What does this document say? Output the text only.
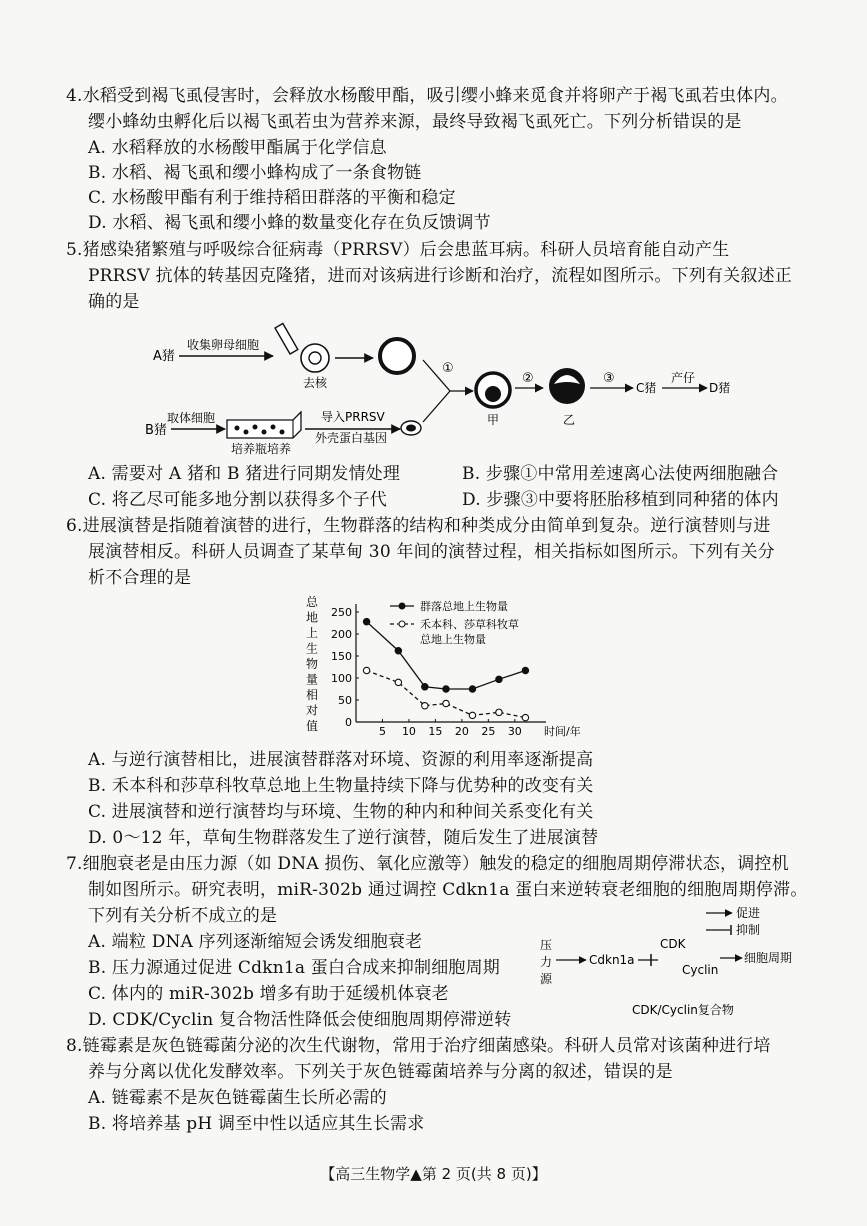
4.水稻受到褐飞虱侵害时，会释放水杨酸甲酯，吸引缨小蜂来觅食并将卵产于褐飞虱若虫体内。
缨小蜂幼虫孵化后以褐飞虱若虫为营养来源，最终导致褐飞虱死亡。下列分析错误的是
A. 水稻释放的水杨酸甲酯属于化学信息
B. 水稻、褐飞虱和缨小蜂构成了一条食物链
C. 水杨酸甲酯有利于维持稻田群落的平衡和稳定
D. 水稻、褐飞虱和缨小蜂的数量变化存在负反馈调节
5.猪感染猪繁殖与呼吸综合征病毒（PRRSV）后会患蓝耳病。科研人员培育能自动产生
PRRSV 抗体的转基因克隆猪，进而对该病进行诊断和治疗，流程如图所示。下列有关叙述正
确的是
A猪
收集卵母细胞
去核
①
甲
②
乙
③
C猪
产仔
D猪
B猪
取体细胞
培养瓶培养
导入PRRSV
外壳蛋白基因
A. 需要对 A 猪和 B 猪进行同期发情处理	B. 步骤①中常用差速离心法使两细胞融合
C. 将乙尽可能多地分割以获得多个子代	D. 步骤③中要将胚胎移植到同种猪的体内
6.进展演替是指随着演替的进行，生物群落的结构和种类成分由简单到复杂。逆行演替则与进
展演替相反。科研人员调查了某草甸 30 年间的演替过程，相关指标如图所示。下列有关分
析不合理的是
总
地
上
生
物
量
相
对
值 0
50
100
150
200
250
5 10 15 20 25 30 时间/年
群落总地上生物量
禾本科、莎草科牧草
总地上生物量
A. 与逆行演替相比，进展演替群落对环境、资源的利用率逐渐提高
B. 禾本科和莎草科牧草总地上生物量持续下降与优势种的改变有关
C. 进展演替和逆行演替均与环境、生物的种内和种间关系变化有关
D. 0～12 年，草甸生物群落发生了逆行演替，随后发生了进展演替
7.细胞衰老是由压力源（如 DNA 损伤、氧化应激等）触发的稳定的细胞周期停滞状态，调控机
制如图所示。研究表明，miR-302b 通过调控 Cdkn1a 蛋白来逆转衰老细胞的细胞周期停滞。
下列有关分析不成立的是
A. 端粒 DNA 序列逐渐缩短会诱发细胞衰老
B. 压力源通过促进 Cdkn1a 蛋白合成来抑制细胞周期
C. 体内的 miR-302b 增多有助于延缓机体衰老
D. CDK/Cyclin 复合物活性降低会使细胞周期停滞逆转
促进
抑制
压
力
源
Cdkn1a
CDK
Cyclin
细胞周期
CDK/Cyclin复合物
8.链霉素是灰色链霉菌分泌的次生代谢物，常用于治疗细菌感染。科研人员常对该菌种进行培
养与分离以优化发酵效率。下列关于灰色链霉菌培养与分离的叙述，错误的是
A. 链霉素不是灰色链霉菌生长所必需的
B. 将培养基 pH 调至中性以适应其生长需求
【高三生物学▲第 2 页(共 8 页)】
